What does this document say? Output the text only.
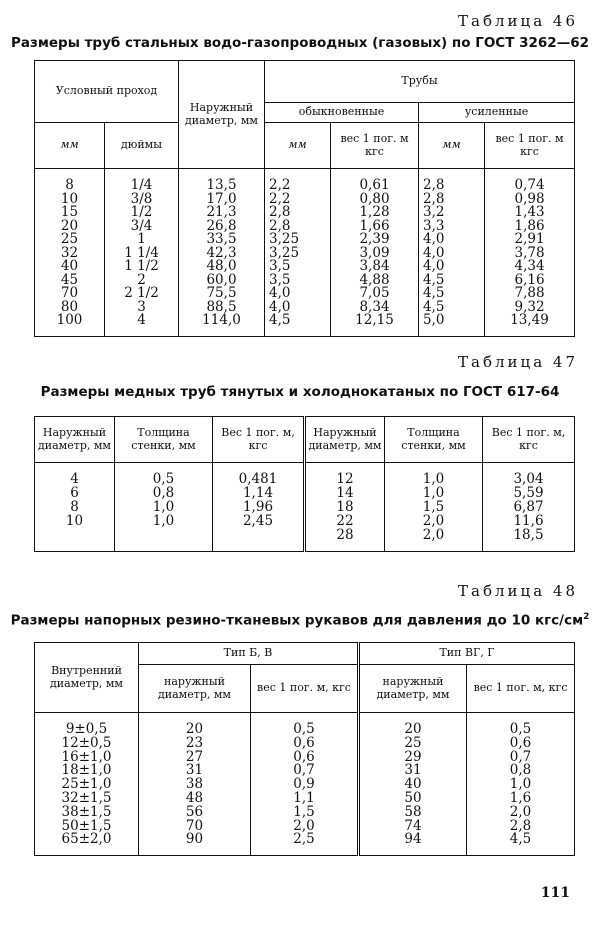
Таблица 46
Размеры труб стальных водо-газопроводных (газовых) по ГОСТ 3262—62
Условный проход		Наружный диаметр, мм	Трубы			
			обыкновенные		усиленные	
мм	дюймы		мм	вес 1 пог. м кгс	мм	вес 1 пог. м кгс
8	1/4	13,5	2,2	0,61	2,8	0,74
10	3/8	17,0	2,2	0,80	2,8	0,98
15	1/2	21,3	2,8	1,28	3,2	1,43
20	3/4	26,8	2,8	1,66	3,3	1,86
25	1	33,5	3,25	2,39	4,0	2,91
32	1 1/4	42,3	3,25	3,09	4,0	3,78
40	1 1/2	48,0	3,5	3,84	4,0	4,34
45	2	60,0	3,5	4,88	4,5	6,16
70	2 1/2	75,5	4,0	7,05	4,5	7,88
80	3	88,5	4,0	8,34	4,5	9,32
100	4	114,0	4,5	12,15	5,0	13,49
Таблица 47
Размеры медных труб тянутых и холоднокатаных по ГОСТ 617-64
Наружный диаметр, мм	Толщина стенки, мм	Вес 1 пог. м, кгс	Наружный диаметр, мм	Толщина стенки, мм	Вес 1 пог. м, кгс
4	0,5	0,481	12	1,0	3,04
6	0,8	1,14	14	1,0	5,59
8	1,0	1,96	18	1,5	6,87
10	1,0	2,45	22	2,0	11,6
			28	2,0	18,5
Таблица 48
Размеры напорных резино-тканевых рукавов для давления до 10 кгс/$см^2$
Внутренний диаметр, мм	Тип Б, В		Тип ВГ, Г	
	наружный диаметр, мм	вес 1 пог. м, кгс	наружный диаметр, мм	вес 1 пог. м, кгс
9±0,5	20	0,5	20	0,5
12±0,5	23	0,6	25	0,6
16±1,0	27	0,6	29	0,7
18±1,0	31	0,7	31	0,8
25±1,0	38	0,9	40	1,0
32±1,5	48	1,1	50	1,6
38±1,5	56	1,5	58	2,0
50±1,5	70	2,0	74	2,8
65±2,0	90	2,5	94	4,5
111
